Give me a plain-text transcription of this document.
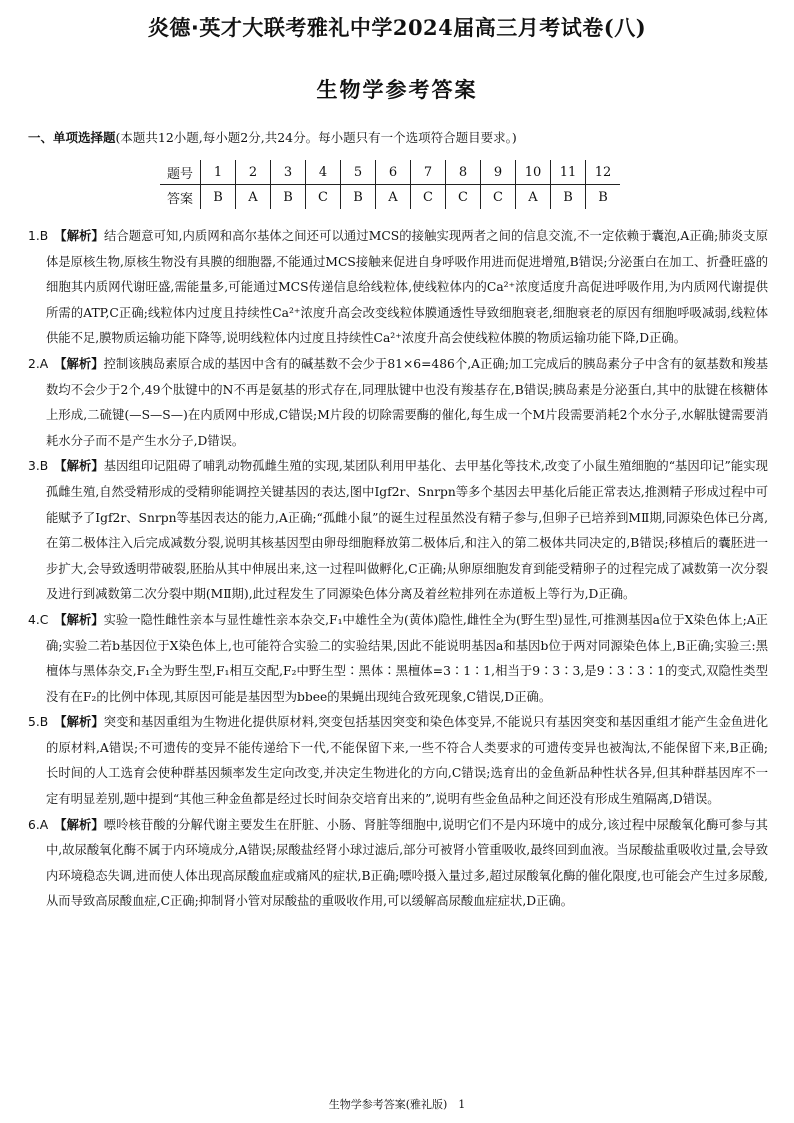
炎德·英才大联考雅礼中学2024届高三月考试卷(八)
生物学参考答案
一、单项选择题(本题共12小题,每小题2分,共24分。每小题只有一个选项符合题目要求。)
题号	1	2	3	4	5	6	7	8	9	10	11	12
答案	B	A	B	C	B	A	C	C	C	A	B	B

1.B 【解析】结合题意可知,内质网和高尔基体之间还可以通过MCS的接触实现两者之间的信息交流,不一定依赖于囊泡,A正确;肺炎支原体是原核生物,原核生物没有具膜的细胞器,不能通过MCS接触来促进自身呼吸作用进而促进增殖,B错误;分泌蛋白在加工、折叠旺盛的细胞其内质网代谢旺盛,需能量多,可能通过MCS传递信息给线粒体,使线粒体内的Ca²⁺浓度适度升高促进呼吸作用,为内质网代谢提供所需的ATP,C正确;线粒体内过度且持续性Ca²⁺浓度升高会改变线粒体膜通透性导致细胞衰老,细胞衰老的原因有细胞呼吸减弱,线粒体供能不足,膜物质运输功能下降等,说明线粒体内过度且持续性Ca²⁺浓度升高会使线粒体膜的物质运输功能下降,D正确。

2.A 【解析】控制该胰岛素原合成的基因中含有的碱基数不会少于81×6=486个,A正确;加工完成后的胰岛素分子中含有的氨基数和羧基数均不会少于2个,49个肽键中的N不再是氨基的形式存在,同理肽键中也没有羧基存在,B错误;胰岛素是分泌蛋白,其中的肽键在核糖体上形成,二硫键(—S—S—)在内质网中形成,C错误;M片段的切除需要酶的催化,每生成一个M片段需要消耗2个水分子,水解肽键需要消耗水分子而不是产生水分子,D错误。

3.B 【解析】基因组印记阻碍了哺乳动物孤雌生殖的实现,某团队利用甲基化、去甲基化等技术,改变了小鼠生殖细胞的“基因印记”能实现孤雌生殖,自然受精形成的受精卵能调控关键基因的表达,图中Igf2r、Snrpn等多个基因去甲基化后能正常表达,推测精子形成过程中可能赋予了Igf2r、Snrpn等基因表达的能力,A正确;“孤雌小鼠”的诞生过程虽然没有精子参与,但卵子已培养到MⅡ期,同源染色体已分离,在第二极体注入后完成减数分裂,说明其核基因型由卵母细胞释放第二极体后,和注入的第二极体共同决定的,B错误;移植后的囊胚进一步扩大,会导致透明带破裂,胚胎从其中伸展出来,这一过程叫做孵化,C正确;从卵原细胞发育到能受精卵子的过程完成了减数第一次分裂及进行到减数第二次分裂中期(MⅡ期),此过程发生了同源染色体分离及着丝粒排列在赤道板上等行为,D正确。

4.C 【解析】实验一隐性雌性亲本与显性雄性亲本杂交,F₁中雄性全为(黄体)隐性,雌性全为(野生型)显性,可推测基因a位于X染色体上;A正确;实验二若b基因位于X染色体上,也可能符合实验二的实验结果,因此不能说明基因a和基因b位于两对同源染色体上,B正确;实验三:黑檀体与黑体杂交,F₁全为野生型,F₁相互交配,F₂中野生型∶黑体∶黑檀体=3∶1∶1,相当于9∶3∶3,是9∶3∶3∶1的变式,双隐性类型没有在F₂的比例中体现,其原因可能是基因型为bbee的果蝇出现纯合致死现象,C错误,D正确。

5.B 【解析】突变和基因重组为生物进化提供原材料,突变包括基因突变和染色体变异,不能说只有基因突变和基因重组才能产生金鱼进化的原材料,A错误;不可遗传的变异不能传递给下一代,不能保留下来,一些不符合人类要求的可遗传变异也被淘汰,不能保留下来,B正确;长时间的人工选育会使种群基因频率发生定向改变,并决定生物进化的方向,C错误;选育出的金鱼新品种性状各异,但其种群基因库不一定有明显差别,题中提到“其他三种金鱼都是经过长时间杂交培育出来的”,说明有些金鱼品种之间还没有形成生殖隔离,D错误。

6.A 【解析】嘌呤核苷酸的分解代谢主要发生在肝脏、小肠、肾脏等细胞中,说明它们不是内环境中的成分,该过程中尿酸氧化酶可参与其中,故尿酸氧化酶不属于内环境成分,A错误;尿酸盐经肾小球过滤后,部分可被肾小管重吸收,最终回到血液。当尿酸盐重吸收过量,会导致内环境稳态失调,进而使人体出现高尿酸血症或痛风的症状,B正确;嘌呤摄入量过多,超过尿酸氧化酶的催化限度,也可能会产生过多尿酸,从而导致高尿酸血症,C正确;抑制肾小管对尿酸盐的重吸收作用,可以缓解高尿酸血症症状,D正确。

生物学参考答案(雅礼版)　1
